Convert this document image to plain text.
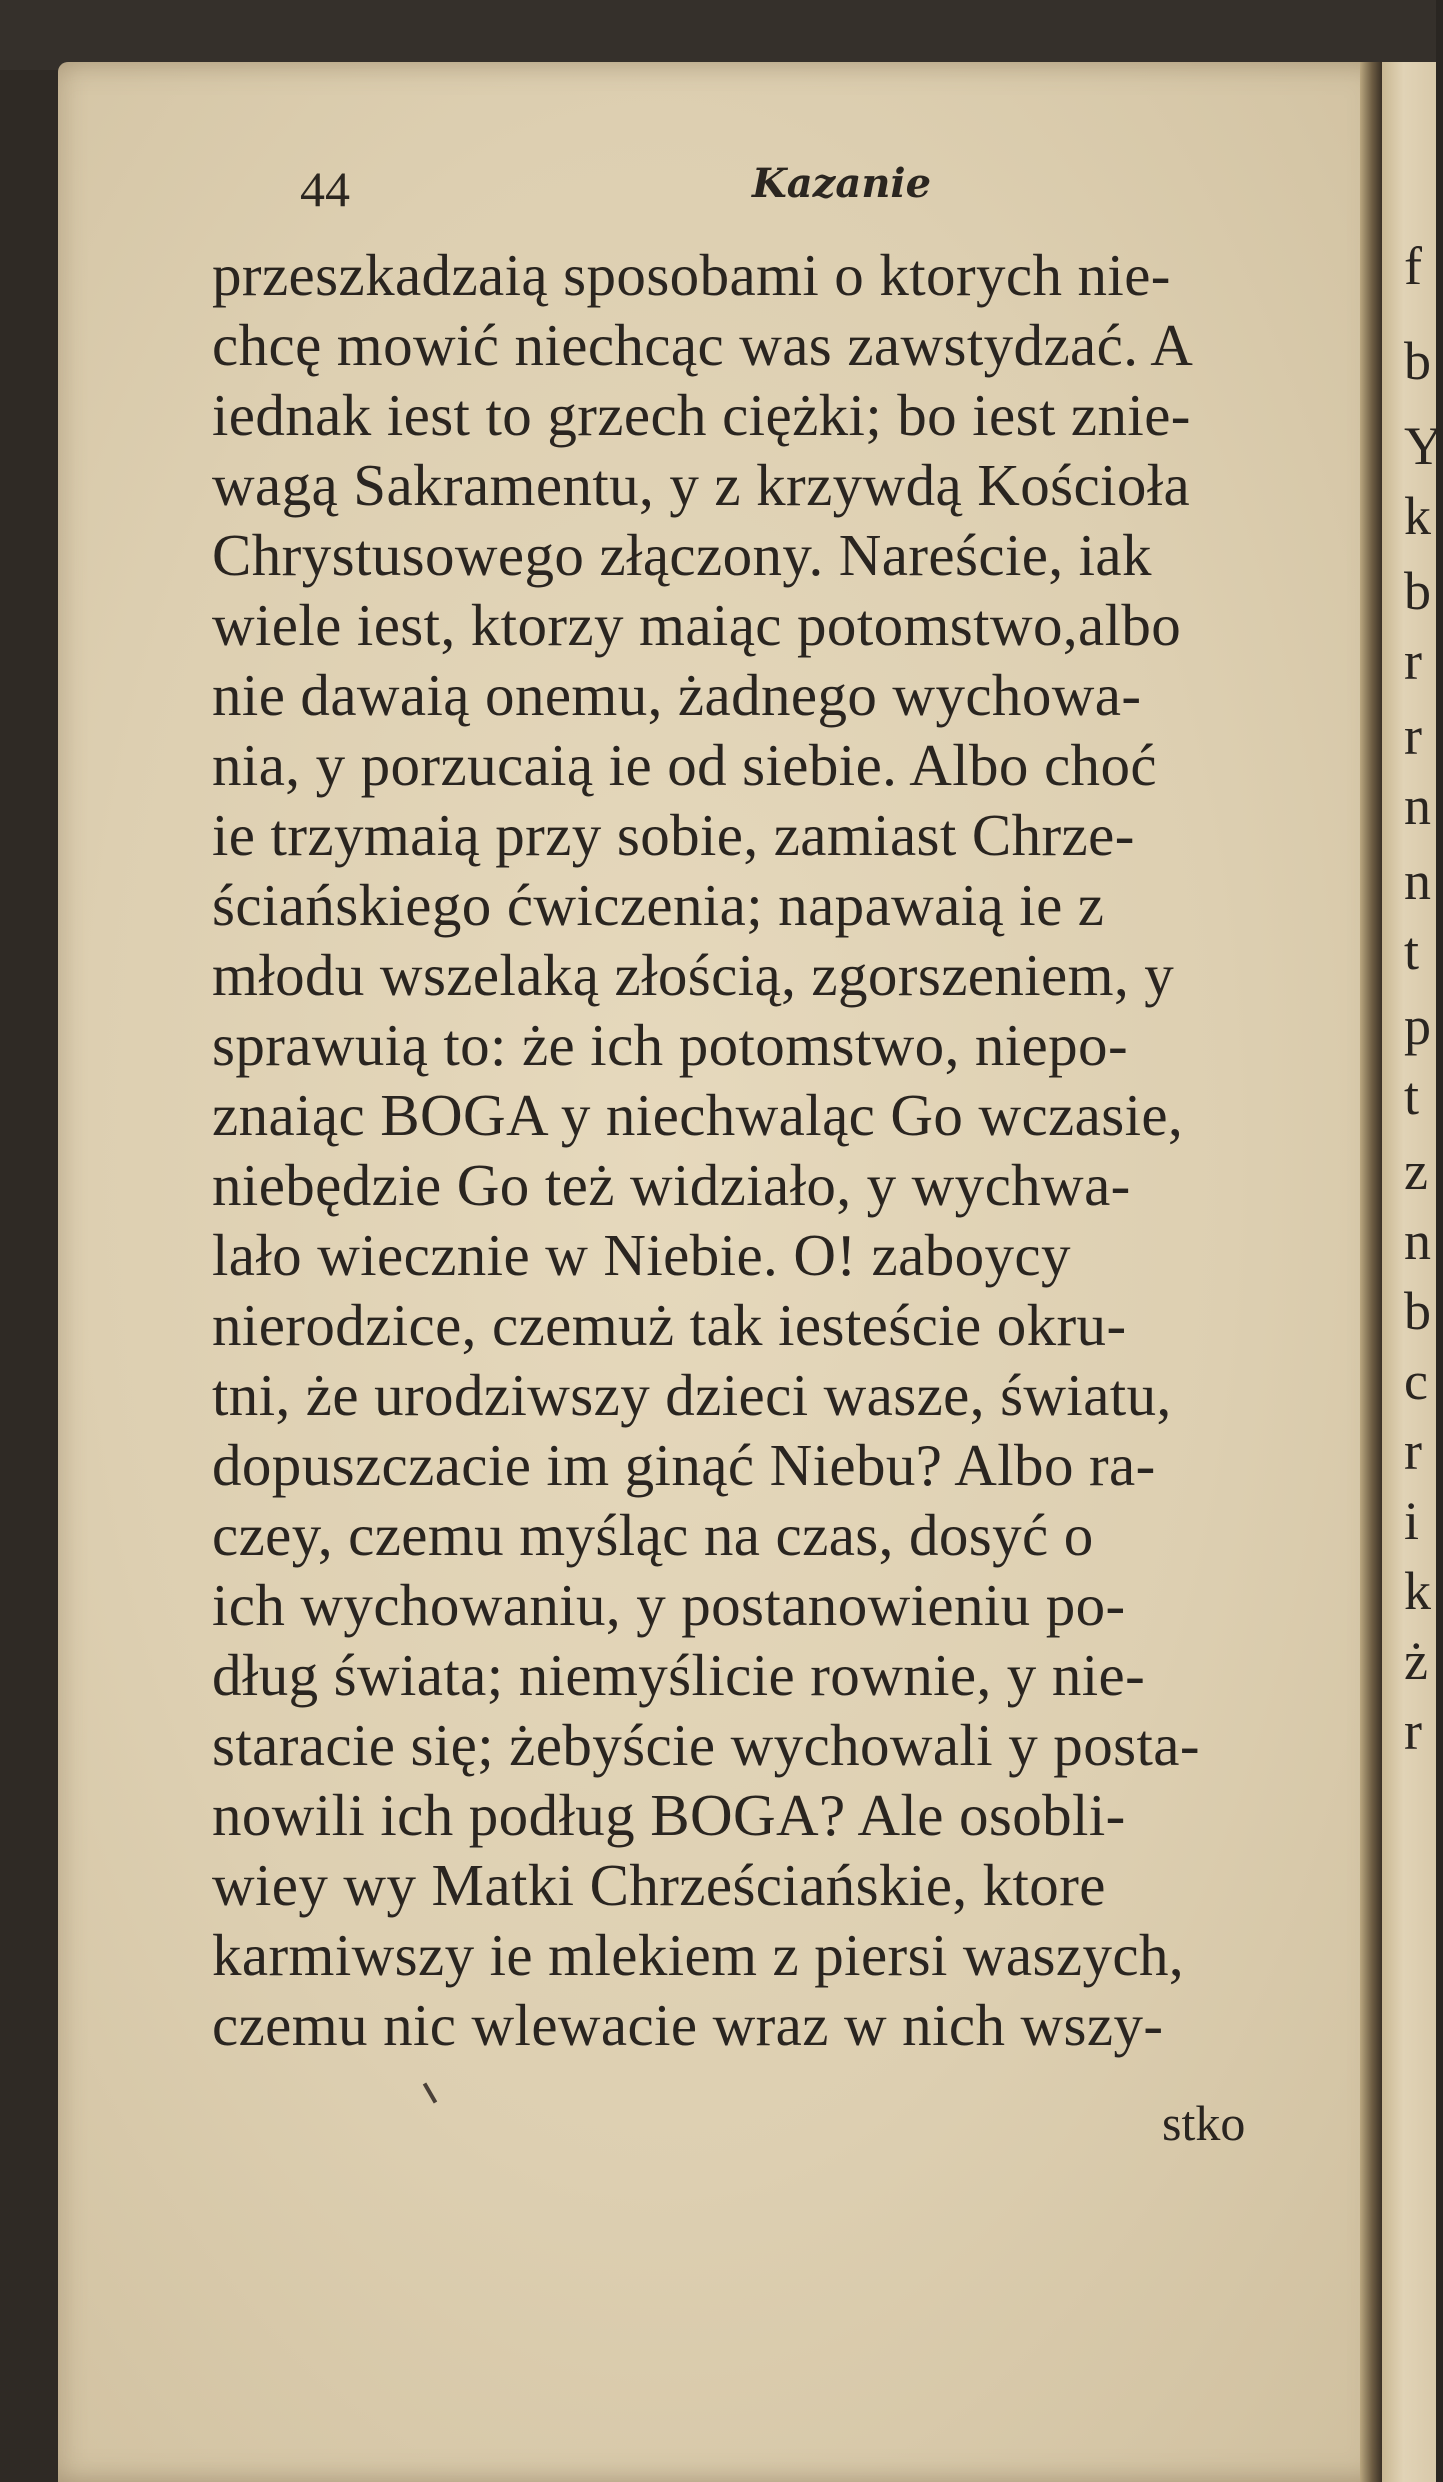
44	Kazanie
przeszkadzaią sposobami o ktorych nie-
chcę mowić niechcąc was zawstydzać. A
iednak iest to grzech ciężki; bo iest znie-
wagą Sakramentu, y z krzywdą Kościoła
Chrystusowego złączony. Nareście, iak
wiele iest, ktorzy maiąc potomstwo,albo
nie dawaią onemu, żadnego wychowa-
nia, y porzucaią ie od siebie. Albo choć
ie trzymaią przy sobie, zamiast Chrze-
ściańskiego ćwiczenia; napawaią ie z
młodu wszelaką złością, zgorszeniem, y
sprawuią to: że ich potomstwo, niepo-
znaiąc BOGA y niechwaląc Go wczasie,
niebędzie Go też widziało, y wychwa-
lało wiecznie w Niebie. O! zaboycy
nierodzice, czemuż tak iesteście okru-
tni, że urodziwszy dzieci wasze, światu,
dopuszczacie im ginąć Niebu? Albo ra-
czey, czemu myśląc na czas, dosyć o
ich wychowaniu, y postanowieniu po-
dług świata; niemyślicie rownie, y nie-
staracie się; żebyście wychowali y posta-
nowili ich podług BOGA? Ale osobli-
wiey wy Matki Chrześciańskie, ktore
karmiwszy ie mlekiem z piersi waszych,
czemu nic wlewacie wraz w nich wszy-
stko
f
b
Y
k
b
r
r
n
n
t
p
t
z
n
b
c
r
i
k
ż
r
